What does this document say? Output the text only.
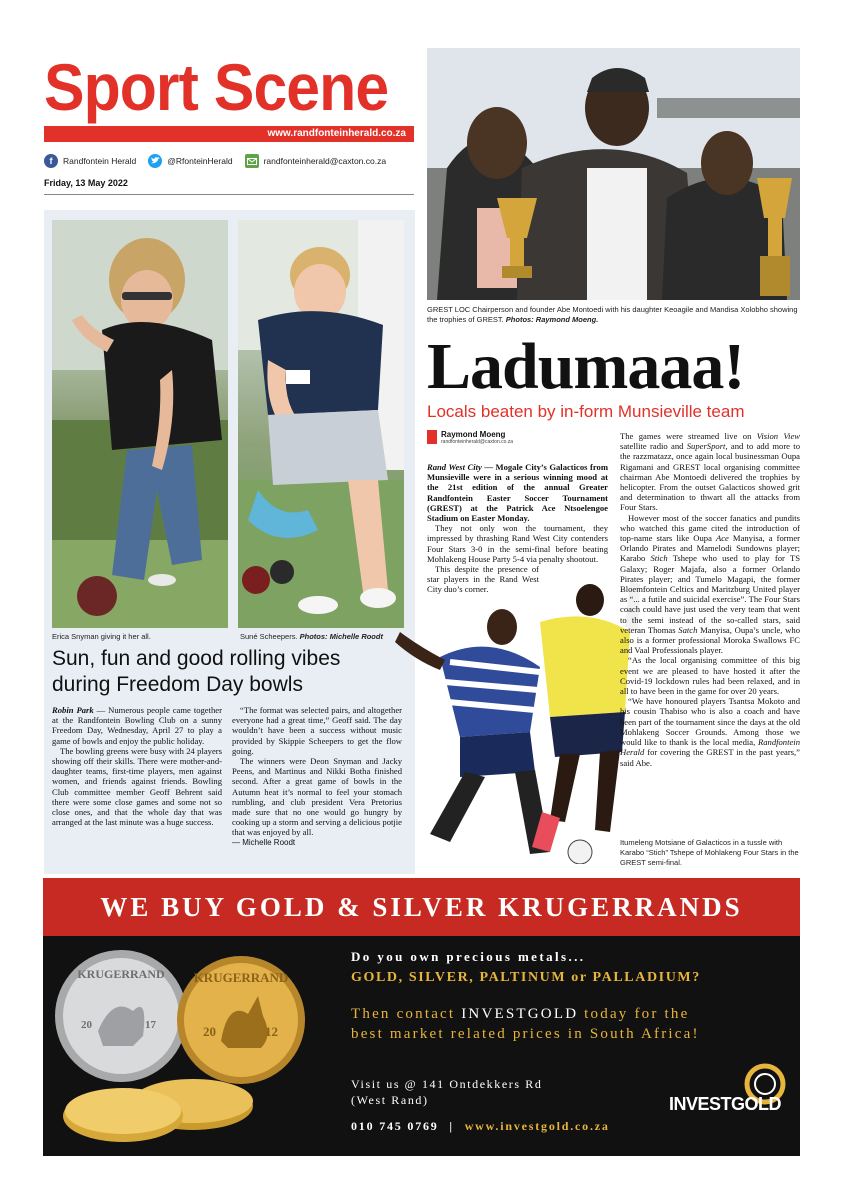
Sport Scene
www.randfonteinherald.co.za
f	Randfontein Herald	@RfonteinHerald	randfonteinherald@caxton.co.za
Friday, 13 May 2022
Erica Snyman giving it her all.	Suné Scheepers. Photos: Michelle Roodt
Sun, fun and good rolling vibes
during Freedom Day bowls

Robin Park — Numerous people came together at the Randfontein Bowling Club on a sunny Freedom Day, Wednesday, April 27 to play a game of bowls and enjoy the public holiday.

The bowling greens were busy with 24 players showing off their skills. There were mother-and-daughter teams, first-time players, men against women, and friends against friends. Bowling Club committee member Geoff Behrent said there were some close games and some not so close ones, and that the whole day that was arranged at the last minute was a huge success.

“The format was selected pairs, and altogether everyone had a great time,” Geoff said. The day wouldn’t have been a success without music provided by Skippie Scheepers to get the flow going.

The winners were Deon Snyman and Jacky Peens, and Martinus and Nikki Botha finished second. After a great game of bowls in the Autumn heat it’s normal to feel your stomach rumbling, and club president Vera Pretorius made sure that no one would go hungry by cooking up a storm and serving a delicious potjie that was enjoyed by all.

— Michelle Roodt
GREST LOC Chairperson and founder Abe Montoedi with his daughter Keoagile and Mandisa Xolobho showing the trophies of GREST. Photos: Raymond Moeng.
Ladumaaa!
Locals beaten by in-form Munsieville team
Raymond Moeng
randfonteinherald@caxton.co.za

Rand West City — Mogale City’s Galacticos from Munsieville were in a serious winning mood at the 21st edition of the annual Greater Randfontein Easter Soccer Tournament (GREST) at the Patrick Ace Ntsoelengoe Stadium on Easter Monday.

They not only won the tournament, they impressed by thrashing Rand West City contenders Four Stars 3-0 in the semi-final before beating Mohlakeng House Party 5-4 via penalty shootout.

This despite the presence of star players in the Rand West City duo’s corner.

The games were streamed live on Vision View satellite radio and SuperSport, and to add more to the razzmatazz, once again local businessman Oupa Rigamani and GREST local organising committee chairman Abe Montoedi delivered the trophies by helicopter. From the outset Galacticos showed grit and determination to thwart all the attacks from Four Stars.

However most of the soccer fanatics and pundits who watched this game cited the introduction of top-name stars like Oupa Ace Manyisa, a former Orlando Pirates and Mamelodi Sundowns player; Karabo Stich Tshepe who used to play for TS Galaxy; Roger Majafa, also a former Orlando Pirates player; and Tumelo Magapi, the former Bloemfontein Celtics and Maritzburg United player as “... a futile and suicidal exercise”. The Four Stars coach could have just used the very team that went to the semi instead of the so-called stars, said veteran Thomas Satch Manyisa, Oupa’s uncle, who also is a former professional Moroka Swallows FC and Vaal Professionals player.

“As the local organising committee of this big event we are pleased to have hosted it after the Covid-19 lockdown rules had been relaxed, and in all to have been in the game for over 20 years.

“We have honoured players Tsantsa Mokoto and his cousin Thabiso who is also a coach and have been part of the tournament since the days at the old Mohlakeng Soccer Grounds. Among those we would like to thank is the local media, Randfontein Herald for covering the GREST in the past years,” said Abe.

Itumeleng Motsiane of Galacticos in a tussle with Karabo “Stich” Tshepe of Mohlakeng Four Stars in the GREST semi-final.
WE BUY GOLD & SILVER KRUGERRANDS
KRUGERRAND
20	17
KRUGERRAND
20	12
Do you own precious metals...
GOLD, SILVER, PALTINUM or PALLADIUM?
Then contact INVESTGOLD today for the
best market related prices in South Africa!
Visit us @ 141 Ontdekkers Rd
(West Rand)
010 745 0769 | www.investgold.co.za
INVESTGOLD
